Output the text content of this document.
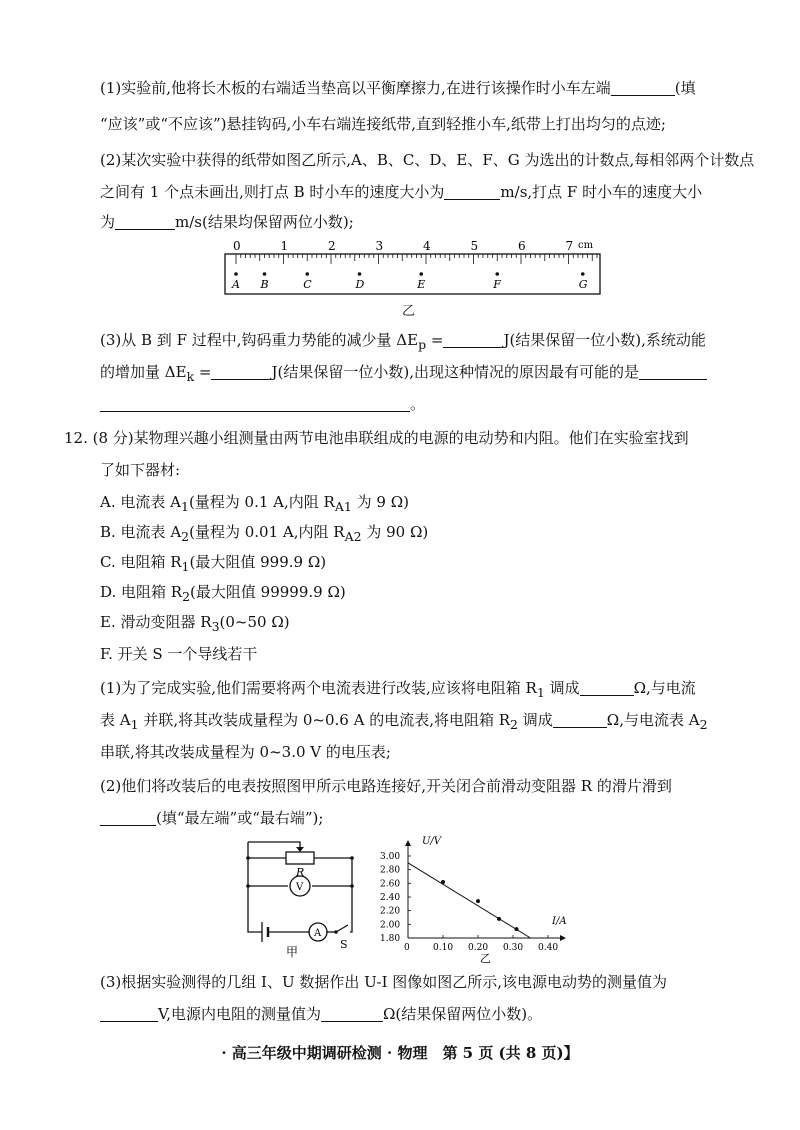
(1)实验前,他将长木板的右端适当垫高以平衡摩擦力,在进行该操作时小车左端	(填
“应该”或“不应该”)悬挂钩码,小车右端连接纸带,直到轻推小车,纸带上打出均匀的点迹;
(2)某次实验中获得的纸带如图乙所示,A、B、C、D、E、F、G 为选出的计数点,每相邻两个计数点
之间有 1 个点未画出,则打点 B 时小车的速度大小为	m/s,打点 F 时小车的速度大小
为	m/s(结果均保留两位小数);
0	1	2	3	4	5	6	7
A B	C	D	E	F	G
cm
乙
(3)从 B 到 F 过程中,钩码重力势能的减少量 $\Delta E_p$ =	J(结果保留一位小数),系统动能
的增加量 $\Delta E_k$ =	J(结果保留一位小数),出现这种情况的原因最有可能的是
。
12. (8 分)某物理兴趣小组测量由两节电池串联组成的电源的电动势和内阻。他们在实验室找到
了如下器材:
A. 电流表 $A_1$(量程为 0.1 A,内阻 $R_{A1}$ 为 9 Ω)
B. 电流表 $A_2$(量程为 0.01 A,内阻 $R_{A2}$ 为 90 Ω)
C. 电阻箱 $R_1$(最大阻值 999.9 Ω)
D. 电阻箱 $R_2$(最大阻值 99999.9 Ω)
E. 滑动变阻器 $R_3(0\sim 50$ Ω)
F. 开关 S 一个导线若干
(1)为了完成实验,他们需要将两个电流表进行改装,应该将电阻箱 $R_1$ 调成	Ω,与电流
表 $A_1$ 并联,将其改装成量程为 0~0.6 A 的电流表,将电阻箱 $R_2$ 调成	Ω,与电流表 $A_2$
串联,将其改装成量程为 0~3.0 V 的电压表;
(2)他们将改装后的电表按照图甲所示电路连接好,开关闭合前滑动变阻器 R 的滑片滑到
(填“最左端”或“最右端”);
R
V
A
S
甲
3.00
2.80
2.60
2.40
2.20
2.00
1.80
0	0.10 0.20 0.30 0.40
U/V
I/A
乙
(3)根据实验测得的几组 I、U 数据作出 U-I 图像如图乙所示,该电源电动势的测量值为
V,电源内电阻的测量值为	Ω(结果保留两位小数)。
· 高三年级中期调研检测 · 物理　第 5 页 (共 8 页)】
